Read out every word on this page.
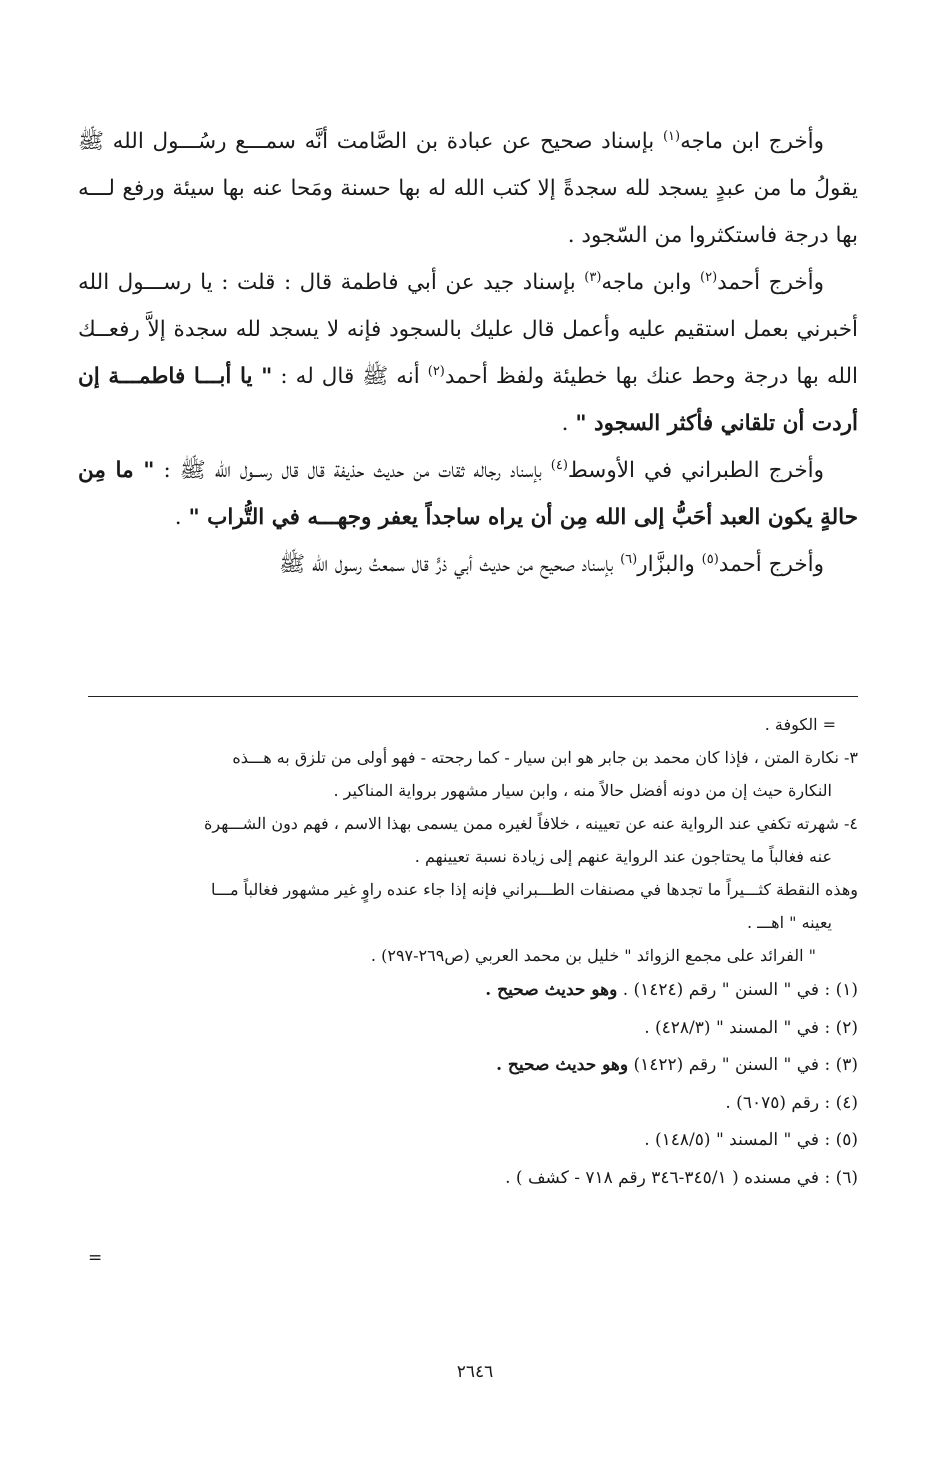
وأخرج ابن ماجه$^{(١)}$ بإسناد صحيح عن عبادة بن الصَّامت أنَّه سمـــع رسُـــول الله ﷺ يقولُ ما من عبدٍ يسجد لله سجدةً إلا كتب الله له بها حسنة ومَحا عنه بها سيئة ورفع لـــه بها درجة فاستكثروا من السّجود .

وأخرج أحمد$^{(٢)}$ وابن ماجه$^{(٣)}$ بإسناد جيد عن أبي فاطمة قال : قلت : يا رســـول الله أخبرني بعمل استقيم عليه وأعمل قال عليك بالسجود فإنه لا يسجد لله سجدة إلاَّ رفعــك الله بها درجة وحط عنك بها خطيئة ولفظ أحمد$^{(٢)}$ أنه ﷺ قال له : " يا أبـــا فاطمـــة إن أردت أن تلقاني فأكثر السجود " .

وأخرج الطبراني في الأوسط$^{(٤)}$ بإسناد رجاله ثقات من حديث حذيفة قال قال رســول الله ﷺ : " ما مِن حالةٍ يكون العبد أحَبُّ إلى الله مِن أن يراه ساجداً يعفر وجهـــه في التُّراب " .

وأخرج أحمد$^{(٥)}$ والبزَّار$^{(٦)}$ بإسناد صحيح من حديث أبي ذرٍّ قال سمعتُ رسول الله ﷺ

= الكوفة .

٣- نكارة المتن ، فإذا كان محمد بن جابر هو ابن سيار - كما رجحته - فهو أولى من تلزق به هـــذه

النكارة حيث إن من دونه أفضل حالاً منه ، وابن سيار مشهور برواية المناكير .

٤- شهرته تكفي عند الرواية عنه عن تعيينه ، خلافاً لغيره ممن يسمى بهذا الاسم ، فهم دون الشـــهرة

عنه فغالباً ما يحتاجون عند الرواية عنهم إلى زيادة نسبة تعيينهم .

وهذه النقطة كثـــيراً ما تجدها في مصنفات الطـــبراني فإنه إذا جاء عنده راوٍ غير مشهور فغالباً مـــا

يعينه " اهـــ .

" الفرائد على مجمع الزوائد " خليل بن محمد العربي (ص٢٦٩-٢٩٧) .

(١) : في " السنن " رقم (١٤٢٤) . وهو حديث صحيح .

(٢) : في " المسند " (٤٢٨/٣) .

(٣) : في " السنن " رقم (١٤٢٢) وهو حديث صحيح .

(٤) : رقم (٦٠٧٥) .

(٥) : في " المسند " (١٤٨/٥) .

(٦) : في مسنده ( ٣٤٥/١-٣٤٦ رقم ٧١٨ - كشف ) .

=
٢٦٤٦
